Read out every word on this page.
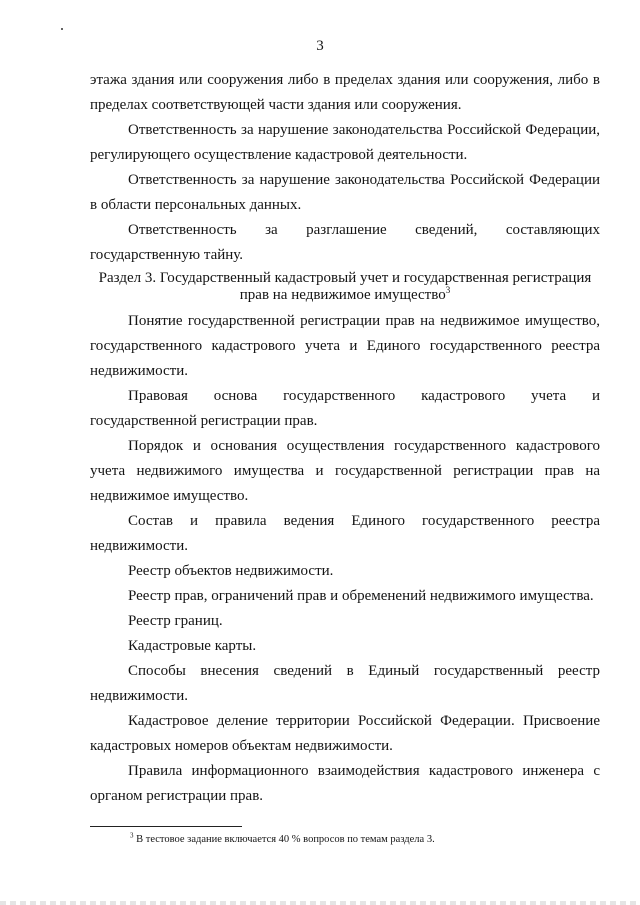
3

этажа здания или сооружения либо в пределах здания или сооружения, либо в пределах соответствующей части здания или сооружения.

Ответственность за нарушение законодательства Российской Федерации, регулирующего осуществление кадастровой деятельности.

Ответственность за нарушение законодательства Российской Федерации в области персональных данных.

Ответственность за разглашение сведений, составляющих государственную тайну.

Раздел 3. Государственный кадастровый учет и государственная регистрация
прав на недвижимое имущество$^3$

Понятие государственной регистрации прав на недвижимое имущество, государственного кадастрового учета и Единого государственного реестра недвижимости.

Правовая основа государственного кадастрового учета и государственной регистрации прав.

Порядок и основания осуществления государственного кадастрового учета недвижимого имущества и государственной регистрации прав на недвижимое имущество.

Состав и правила ведения Единого государственного реестра недвижимости.

Реестр объектов недвижимости.

Реестр прав, ограничений прав и обременений недвижимого имущества.

Реестр границ.

Кадастровые карты.

Способы внесения сведений в Единый государственный реестр недвижимости.

Кадастровое деление территории Российской Федерации. Присвоение кадастровых номеров объектам недвижимости.

Правила информационного взаимодействия кадастрового инженера с органом регистрации прав.

$^3$ В тестовое задание включается 40 % вопросов по темам раздела 3.
